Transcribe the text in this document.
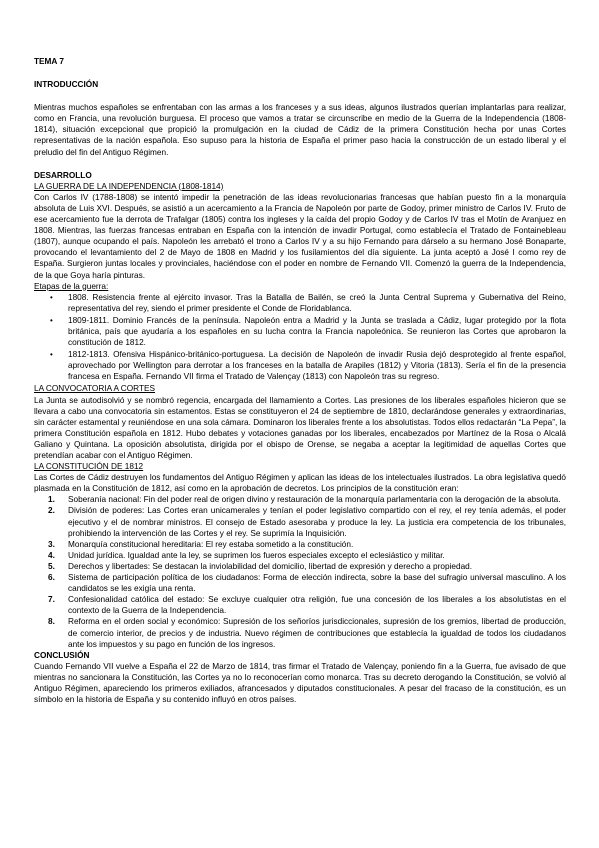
TEMA 7

INTRODUCCIÓN

Mientras muchos españoles se enfrentaban con las armas a los franceses y a sus ideas, algunos ilustrados querían implantarlas para realizar, como en Francia, una revolución burguesa. El proceso que vamos a tratar se circunscribe en medio de la Guerra de la Independencia (1808-1814), situación excepcional que propició la promulgación en la ciudad de Cádiz de la primera Constitución hecha por unas Cortes representativas de la nación española. Eso supuso para la historia de España el primer paso hacia la construcción de un estado liberal y el preludio del fin del Antiguo Régimen.

DESARROLLO

LA GUERRA DE LA INDEPENDENCIA (1808-1814)

Con Carlos IV (1788-1808) se intentó impedir la penetración de las ideas revolucionarias francesas que habían puesto fin a la monarquía absoluta de Luis XVI. Después, se asistió a un acercamiento a la Francia de Napoleón por parte de Godoy, primer ministro de Carlos IV. Fruto de ese acercamiento fue la derrota de Trafalgar (1805) contra los ingleses y la caída del propio Godoy y de Carlos IV tras el Motín de Aranjuez en 1808. Mientras, las fuerzas francesas entraban en España con la intención de invadir Portugal, como establecía el Tratado de Fontainebleau (1807), aunque ocupando el país. Napoleón les arrebató el trono a Carlos IV y a su hijo Fernando para dárselo a su hermano José Bonaparte, provocando el levantamiento del 2 de Mayo de 1808 en Madrid y los fusilamientos del día siguiente. La junta aceptó a José I como rey de España. Surgieron juntas locales y provinciales, haciéndose con el poder en nombre de Fernando VII. Comenzó la guerra de la Independencia, de la que Goya haría pinturas.

Etapas de la guerra:

• 1808. Resistencia frente al ejército invasor. Tras la Batalla de Bailén, se creó la Junta Central Suprema y Gubernativa del Reino, representativa del rey, siendo el primer presidente el Conde de Floridablanca.
• 1809-1811. Dominio Francés de la península. Napoleón entra a Madrid y la Junta se traslada a Cádiz, lugar protegido por la flota británica, país que ayudaría a los españoles en su lucha contra la Francia napoleónica. Se reunieron las Cortes que aprobaron la constitución de 1812.
• 1812-1813. Ofensiva Hispánico-británico-portuguesa. La decisión de Napoleón de invadir Rusia dejó desprotegido al frente español, aprovechado por Wellington para derrotar a los franceses en la batalla de Arapiles (1812) y Vitoria (1813). Sería el fin de la presencia francesa en España. Fernando VII firma el Tratado de Valençay (1813) con Napoleón tras su regreso.

LA CONVOCATORIA A CORTES

La Junta se autodisolvió y se nombró regencia, encargada del llamamiento a Cortes. Las presiones de los liberales españoles hicieron que se llevara a cabo una convocatoria sin estamentos. Estas se constituyeron el 24 de septiembre de 1810, declarándose generales y extraordinarias, sin carácter estamental y reuniéndose en una sola cámara. Dominaron los liberales frente a los absolutistas. Todos ellos redactarán “La Pepa”, la primera Constitución española en 1812. Hubo debates y votaciones ganadas por los liberales, encabezados por Martínez de la Rosa o Alcalá Galiano y Quintana. La oposición absolutista, dirigida por el obispo de Orense, se negaba a aceptar la legitimidad de aquellas Cortes que pretendían acabar con el Antiguo Régimen.

LA CONSTITUCIÓN DE 1812

Las Cortes de Cádiz destruyen los fundamentos del Antiguo Régimen y aplican las ideas de los intelectuales ilustrados. La obra legislativa quedó plasmada en la Constitución de 1812, así como en la aprobación de decretos. Los principios de la constitución eran:

1. Soberanía nacional: Fin del poder real de origen divino y restauración de la monarquía parlamentaria con la derogación de la absoluta.
2. División de poderes: Las Cortes eran unicamerales y tenían el poder legislativo compartido con el rey, el rey tenía además, el poder ejecutivo y el de nombrar ministros. El consejo de Estado asesoraba y produce la ley. La justicia era competencia de los tribunales, prohibiendo la intervención de las Cortes y el rey. Se suprimía la Inquisición.
3. Monarquía constitucional hereditaria: El rey estaba sometido a la constitución.
4. Unidad jurídica. Igualdad ante la ley, se suprimen los fueros especiales excepto el eclesiástico y militar.
5. Derechos y libertades: Se destacan la inviolabilidad del domicilio, libertad de expresión y derecho a propiedad.
6. Sistema de participación política de los ciudadanos: Forma de elección indirecta, sobre la base del sufragio universal masculino. A los candidatos se les exigía una renta.
7. Confesionalidad católica del estado: Se excluye cualquier otra religión, fue una concesión de los liberales a los absolutistas en el contexto de la Guerra de la Independencia.
8. Reforma en el orden social y económico: Supresión de los señoríos jurisdiccionales, supresión de los gremios, libertad de producción, de comercio interior, de precios y de industria. Nuevo régimen de contribuciones que establecía la igualdad de todos los ciudadanos ante los impuestos y su pago en función de los ingresos.

CONCLUSIÓN

Cuando Fernando VII vuelve a España el 22 de Marzo de 1814, tras firmar el Tratado de Valençay, poniendo fin a la Guerra, fue avisado de que mientras no sancionara la Constitución, las Cortes ya no lo reconocerían como monarca. Tras su decreto derogando la Constitución, se volvió al Antiguo Régimen, apareciendo los primeros exiliados, afrancesados y diputados constitucionales. A pesar del fracaso de la constitución, es un símbolo en la historia de España y su contenido influyó en otros países.
